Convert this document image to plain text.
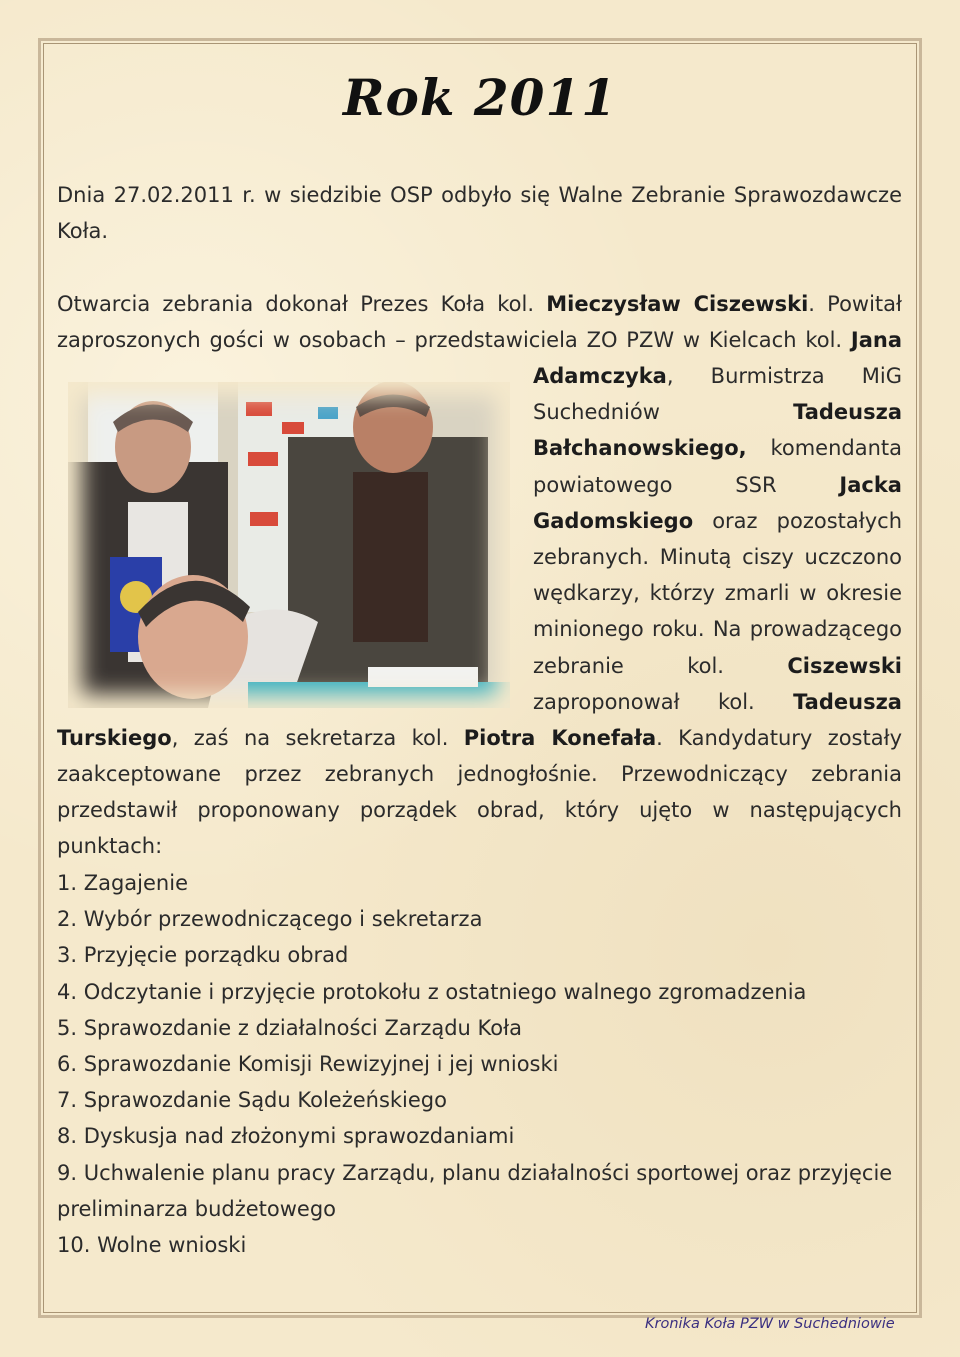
Rok 2011
Dnia 27.02.2011 r. w siedzibie OSP odbyło się Walne Zebranie Sprawozdawcze
Koła.
Otwarcia zebrania dokonał Prezes Koła kol. Mieczysław Ciszewski. Powitał
zaproszonych gości w osobach – przedstawiciela ZO PZW w Kielcach kol. Jana
Adamczyka, Burmistrza MiG
Suchedniów	Tadeusza
Bałchanowskiego, komendanta
powiatowego	SSR	Jacka
Gadomskiego oraz pozostałych
zebranych. Minutą ciszy uczczono
wędkarzy, którzy zmarli w okresie
minionego roku. Na prowadzącego
zebranie	kol.	Ciszewski
zaproponował kol. Tadeusza
Turskiego, zaś na sekretarza kol. Piotra Konefała. Kandydatury zostały
zaakceptowane przez zebranych jednogłośnie. Przewodniczący zebrania
przedstawił proponowany porządek obrad, który ujęto w następujących
punktach:
1. Zagajenie
2. Wybór przewodniczącego i sekretarza
3. Przyjęcie porządku obrad
4. Odczytanie i przyjęcie protokołu z ostatniego walnego zgromadzenia
5. Sprawozdanie z działalności Zarządu Koła
6. Sprawozdanie Komisji Rewizyjnej i jej wnioski
7. Sprawozdanie Sądu Koleżeńskiego
8. Dyskusja nad złożonymi sprawozdaniami
9. Uchwalenie planu pracy Zarządu, planu działalności sportowej oraz przyjęcie
preliminarza budżetowego
10. Wolne wnioski
Kronika Koła PZW w Suchedniowie
